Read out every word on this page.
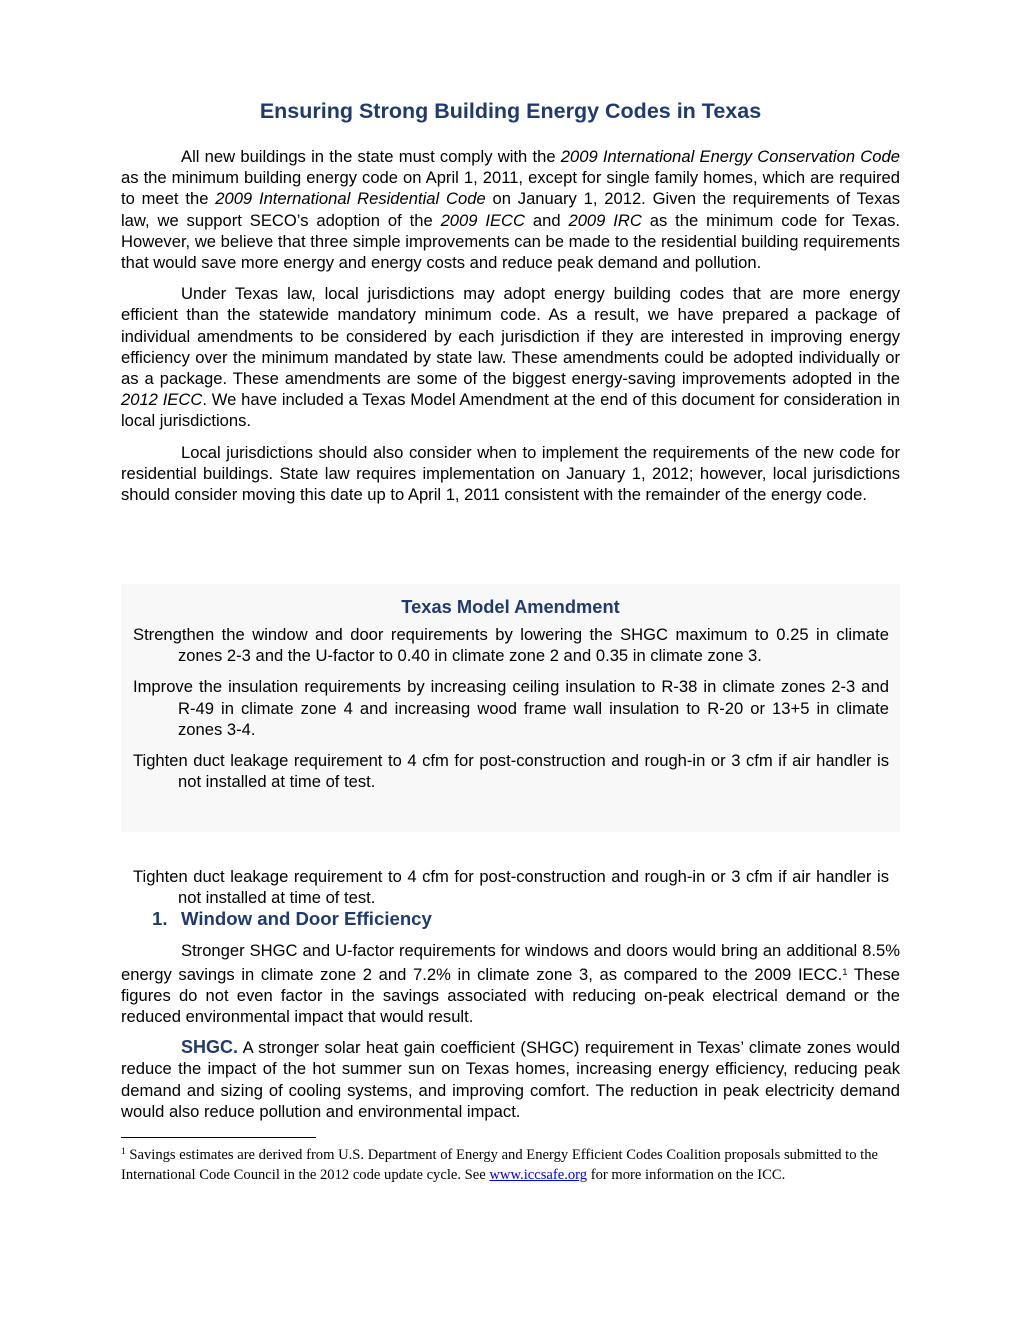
Ensuring Strong Building Energy Codes in Texas

All new buildings in the state must comply with the 2009 International Energy Conservation Code as the minimum building energy code on April 1, 2011, except for single family homes, which are required to meet the 2009 International Residential Code on January 1, 2012. Given the requirements of Texas law, we support SECO’s adoption of the 2009 IECC and 2009 IRC as the minimum code for Texas. However, we believe that three simple improvements can be made to the residential building requirements that would save more energy and energy costs and reduce peak demand and pollution.

Under Texas law, local jurisdictions may adopt energy building codes that are more energy efficient than the statewide mandatory minimum code. As a result, we have prepared a package of individual amendments to be considered by each jurisdiction if they are interested in improving energy efficiency over the minimum mandated by state law. These amendments could be adopted individually or as a package. These amendments are some of the biggest energy-saving improvements adopted in the 2012 IECC. We have included a Texas Model Amendment at the end of this document for consideration in local jurisdictions.

Local jurisdictions should also consider when to implement the requirements of the new code for residential buildings. State law requires implementation on January 1, 2012; however, local jurisdictions should consider moving this date up to April 1, 2011 consistent with the remainder of the energy code.

Texas Model Amendment

Strengthen the window and door requirements by lowering the SHGC maximum to 0.25 in climate zones 2-3 and the U-factor to 0.40 in climate zone 2 and 0.35 in climate zone 3.

Improve the insulation requirements by increasing ceiling insulation to R-38 in climate zones 2-3 and R-49 in climate zone 4 and increasing wood frame wall insulation to R-20 or 13+5 in climate zones 3-4.

Tighten duct leakage requirement to 4 cfm for post-construction and rough-in or 3 cfm if air handler is not installed at time of test.

Tighten duct leakage requirement to 4 cfm for post-construction and rough-in or 3 cfm if air handler is not installed at time of test.

1. Window and Door Efficiency

Stronger SHGC and U-factor requirements for windows and doors would bring an additional 8.5% energy savings in climate zone 2 and 7.2% in climate zone 3, as compared to the 2009 IECC.$^1$ These figures do not even factor in the savings associated with reducing on-peak electrical demand or the reduced environmental impact that would result.

SHGC. A stronger solar heat gain coefficient (SHGC) requirement in Texas’ climate zones would reduce the impact of the hot summer sun on Texas homes, increasing energy efficiency, reducing peak demand and sizing of cooling systems, and improving comfort. The reduction in peak electricity demand would also reduce pollution and environmental impact.

$^1$ Savings estimates are derived from U.S. Department of Energy and Energy Efficient Codes Coalition proposals submitted to the International Code Council in the 2012 code update cycle. See www.iccsafe.org for more information on the ICC.
